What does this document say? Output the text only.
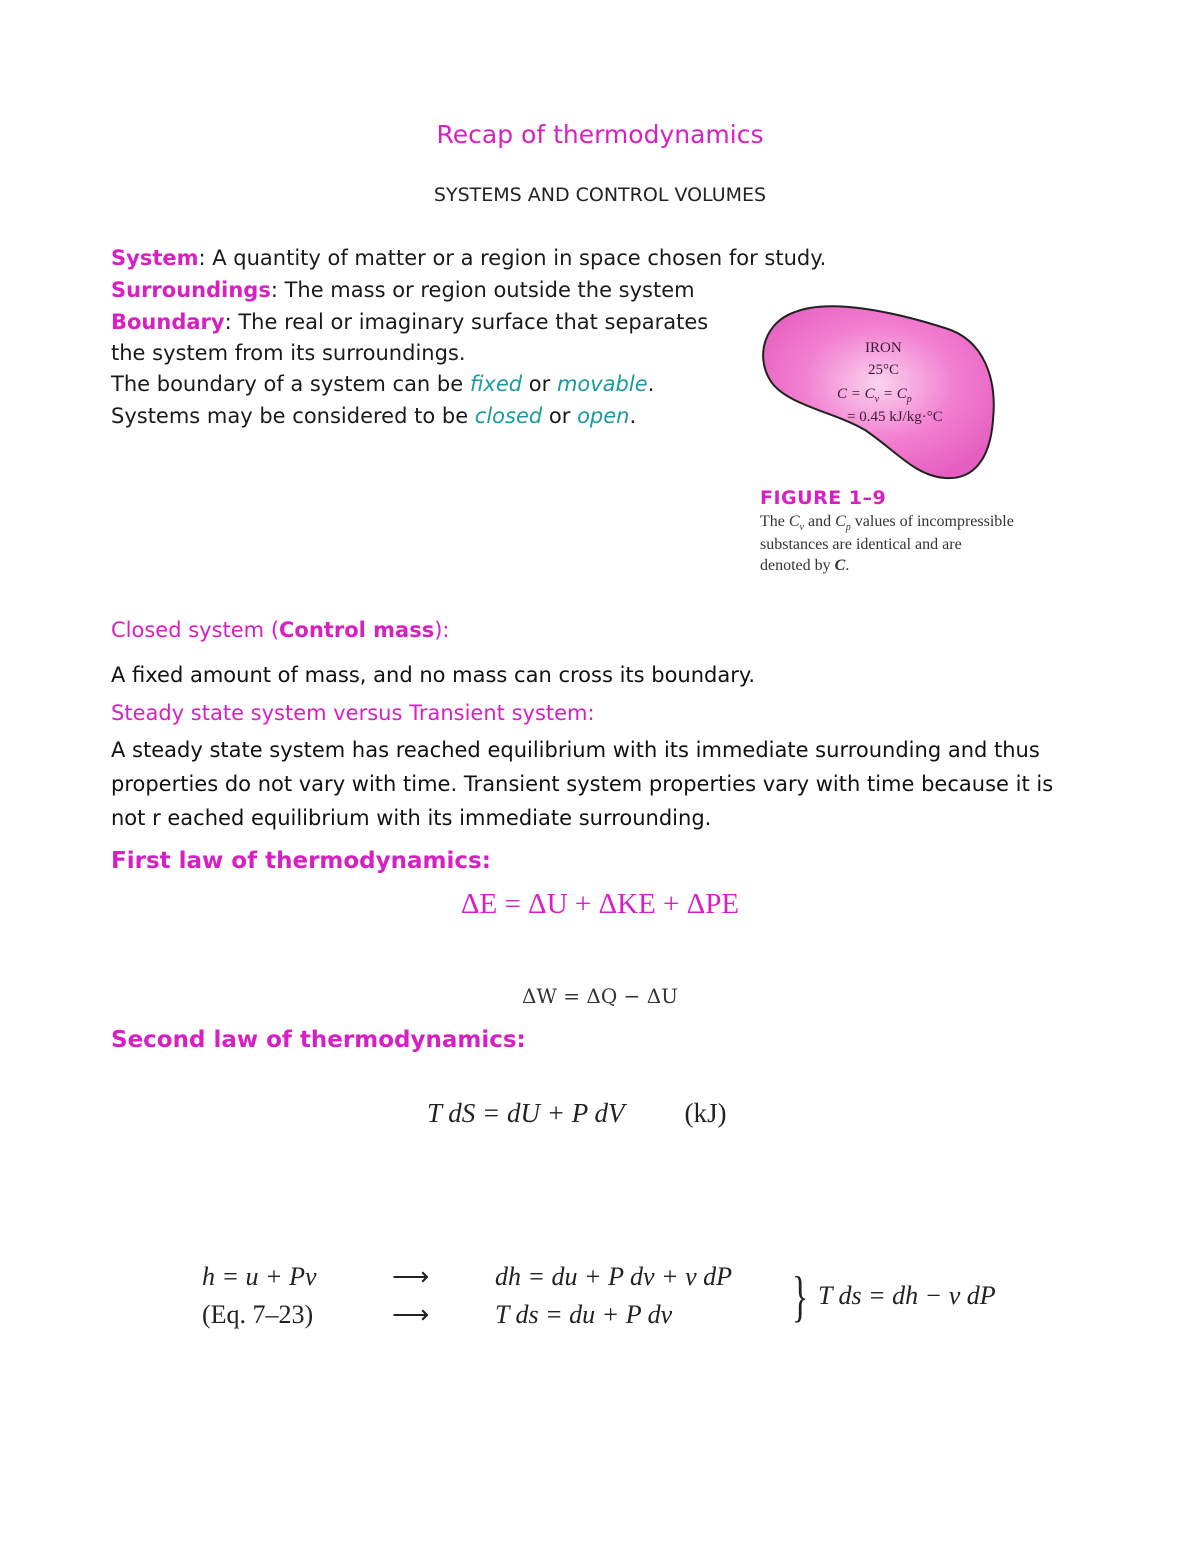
Recap of thermodynamics
SYSTEMS AND CONTROL VOLUMES
System: A quantity of matter or a region in space chosen for study.
Surroundings: The mass or region outside the system
Boundary: The real or imaginary surface that separates
the system from its surroundings.
The boundary of a system can be fixed or movable.
Systems may be considered to be closed or open.
IRON
25°C
$C = C_v = C_p$
= 0.45 kJ/kg·°C
FIGURE 1–9
The $C_v$ and $C_p$ values of incompressible
substances are identical and are
denoted by C.
Closed system (Control mass):
A fixed amount of mass, and no mass can cross its boundary.
Steady state system versus Transient system:
A steady state system has reached equilibrium with its immediate surrounding and thus properties do not vary with time. Transient system properties vary with time because it is not r eached equilibrium with its immediate surrounding.
First law of thermodynamics:
ΔE = ΔU + ΔKE + ΔPE
ΔW = ΔQ − ΔU
Second law of thermodynamics:
T dS = dU + P dV (kJ)
h = u + Pv	⟶	dh = du + P dv + v dP
(Eq. 7–23)	⟶	T ds = du + P dv } T ds = dh − v dP
